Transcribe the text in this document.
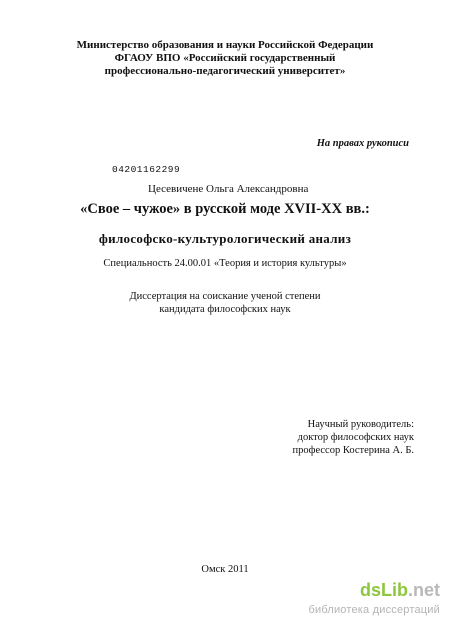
Министерство образования и науки Российской Федерации
ФГАОУ ВПО «Российский государственный
профессионально-педагогический университет»
На правах рукописи
04201162299
Цесевичене Ольга Александровна
«Свое – чужое» в русской моде XVII-XX вв.:
философско-культурологический анализ
Специальность 24.00.01 «Теория и история культуры»
Диссертация на соискание ученой степени
кандидата философских наук
Научный руководитель:
доктор философских наук
профессор Костерина А. Б.
Омск 2011
dsLib.net
библиотека диссертаций
